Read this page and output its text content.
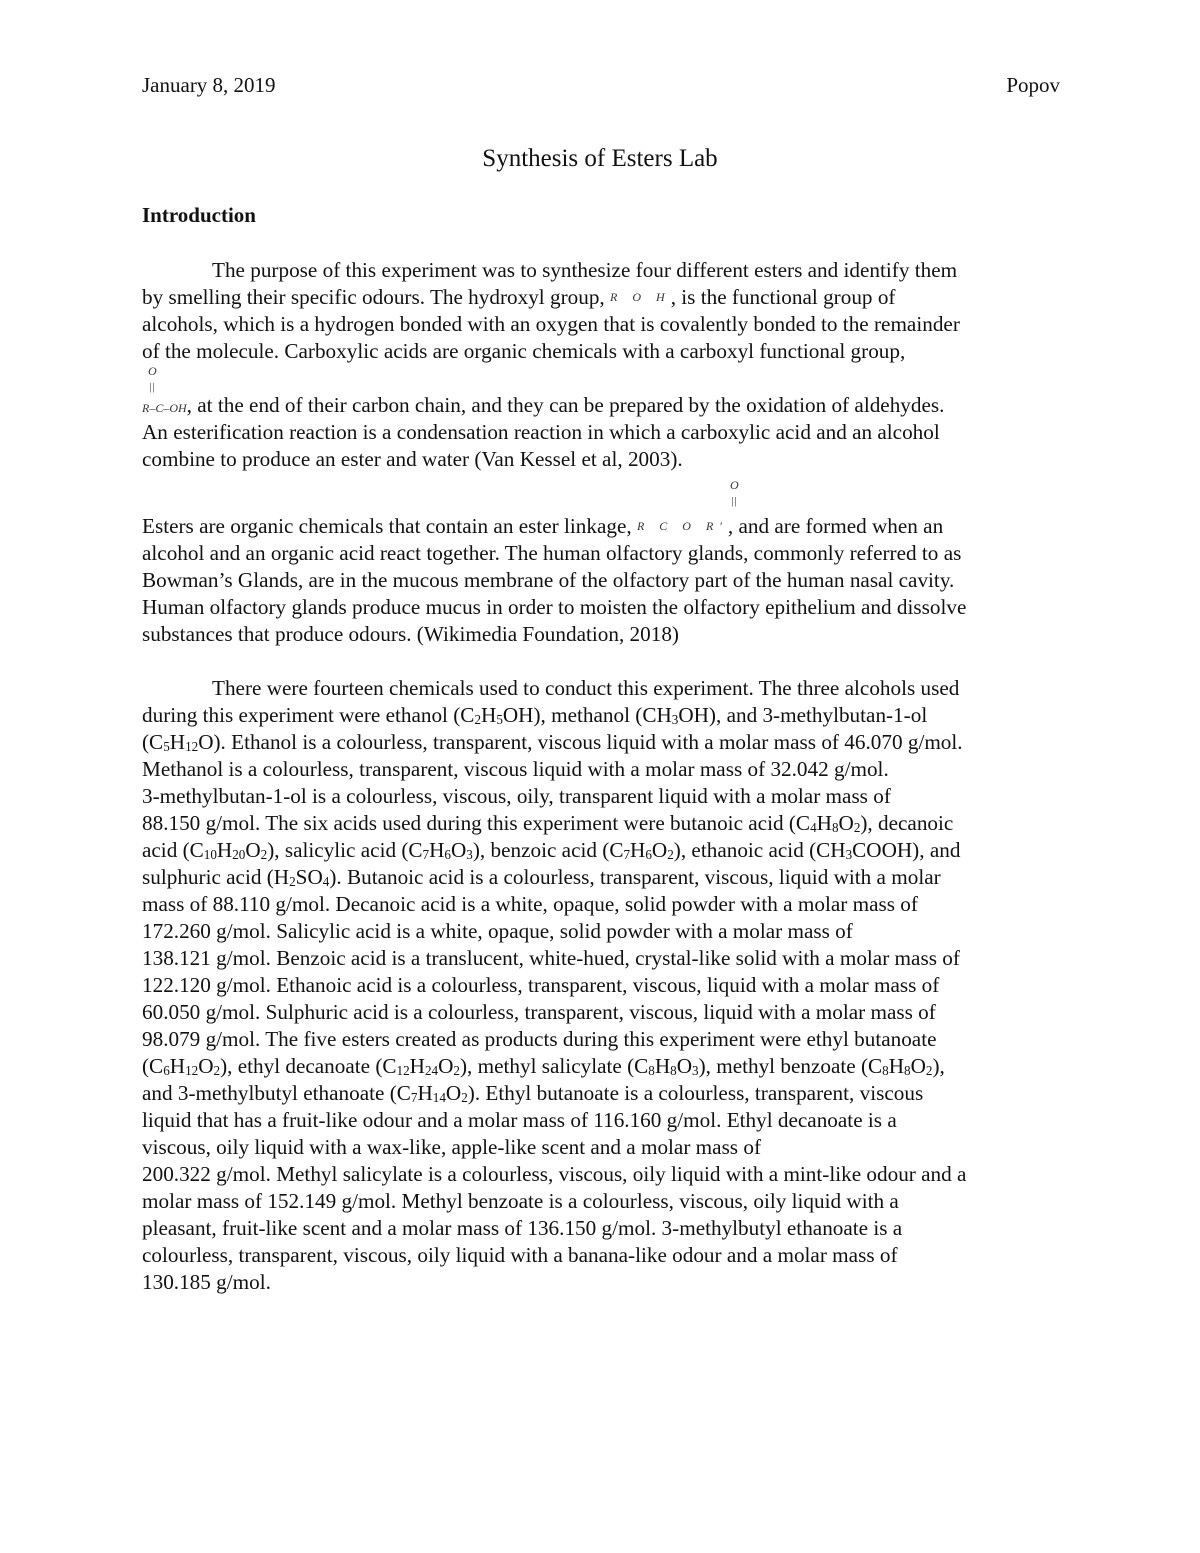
January 8, 2019	Popov
Synthesis of Esters Lab
Introduction
The purpose of this experiment was to synthesize four different esters and identify them
by smelling their specific odours. The hydroxyl group, R O H, is the functional group of
alcohols, which is a hydrogen bonded with an oxygen that is covalently bonded to the remainder
of the molecule. Carboxylic acids are organic chemicals with a carboxyl functional group,
O
||
R–C–OH, at the end of their carbon chain, and they can be prepared by the oxidation of aldehydes.
An esterification reaction is a condensation reaction in which a carboxylic acid and an alcohol
combine to produce an ester and water (Van Kessel et al, 2003).
O
||
Esters are organic chemicals that contain an ester linkage, R C O R', and are formed when an
alcohol and an organic acid react together. The human olfactory glands, commonly referred to as
Bowman’s Glands, are in the mucous membrane of the olfactory part of the human nasal cavity.
Human olfactory glands produce mucus in order to moisten the olfactory epithelium and dissolve
substances that produce odours. (Wikimedia Foundation, 2018)
There were fourteen chemicals used to conduct this experiment. The three alcohols used
during this experiment were ethanol (C2H5OH), methanol (CH3OH), and 3-methylbutan-1-ol
(C5H12O). Ethanol is a colourless, transparent, viscous liquid with a molar mass of 46.070 g/mol.
Methanol is a colourless, transparent, viscous liquid with a molar mass of 32.042 g/mol.
3-methylbutan-1-ol is a colourless, viscous, oily, transparent liquid with a molar mass of
88.150 g/mol. The six acids used during this experiment were butanoic acid (C4H8O2), decanoic
acid (C10H20O2), salicylic acid (C7H6O3), benzoic acid (C7H6O2), ethanoic acid (CH3COOH), and
sulphuric acid (H2SO4). Butanoic acid is a colourless, transparent, viscous, liquid with a molar
mass of 88.110 g/mol. Decanoic acid is a white, opaque, solid powder with a molar mass of
172.260 g/mol. Salicylic acid is a white, opaque, solid powder with a molar mass of
138.121 g/mol. Benzoic acid is a translucent, white-hued, crystal-like solid with a molar mass of
122.120 g/mol. Ethanoic acid is a colourless, transparent, viscous, liquid with a molar mass of
60.050 g/mol. Sulphuric acid is a colourless, transparent, viscous, liquid with a molar mass of
98.079 g/mol. The five esters created as products during this experiment were ethyl butanoate
(C6H12O2), ethyl decanoate (C12H24O2), methyl salicylate (C8H8O3), methyl benzoate (C8H8O2),
and 3-methylbutyl ethanoate (C7H14O2). Ethyl butanoate is a colourless, transparent, viscous
liquid that has a fruit-like odour and a molar mass of 116.160 g/mol. Ethyl decanoate is a
viscous, oily liquid with a wax-like, apple-like scent and a molar mass of
200.322 g/mol. Methyl salicylate is a colourless, viscous, oily liquid with a mint-like odour and a
molar mass of 152.149 g/mol. Methyl benzoate is a colourless, viscous, oily liquid with a
pleasant, fruit-like scent and a molar mass of 136.150 g/mol. 3-methylbutyl ethanoate is a
colourless, transparent, viscous, oily liquid with a banana-like odour and a molar mass of
130.185 g/mol.
